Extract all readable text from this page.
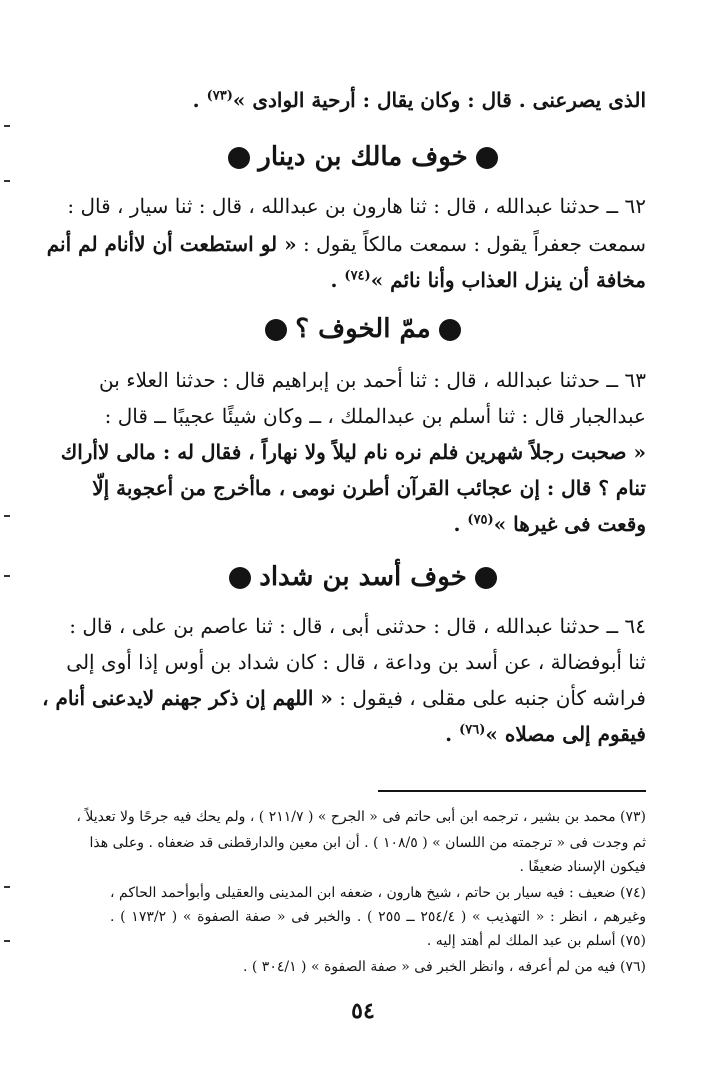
الذى يصرعنى . قال : وكان يقال : أرحية الوادى »$^{(٧٣)}$ .
خوف مالك بن دينار
٦٢ ــ حدثنا عبدالله ، قال : ثنا هارون بن عبدالله ، قال : ثنا سيار ، قال :
سمعت جعفراً يقول : سمعت مالكاً يقول : « لو استطعت أن لاأنام لم أنم
مخافة أن ينزل العذاب وأنا نائم »$^{(٧٤)}$ .
ممّ الخوف ؟
٦٣ ــ حدثنا عبدالله ، قال : ثنا أحمد بن إبراهيم قال : حدثنا العلاء بن
عبدالجبار قال : ثنا أسلم بن عبدالملك ، ــ وكان شيئًا عجيبًا ــ قال :
« صحبت رجلاً شهرين فلم نره نام ليلاً ولا نهاراً ، فقال له : مالى لاأراك
تنام ؟ قال : إن عجائب القرآن أطرن نومى ، ماأخرج من أعجوبة إلّا
وقعت فى غيرها »$^{(٧٥)}$ .
خوف أسد بن شداد
٦٤ ــ حدثنا عبدالله ، قال : حدثنى أبى ، قال : ثنا عاصم بن على ، قال :
ثنا أبوفضالة ، عن أسد بن وداعة ، قال : كان شداد بن أوس إذا أوى إلى
فراشه كأن جنبه على مقلى ، فيقول : « اللهم إن ذكر جهنم لايدعنى أنام ،
فيقوم إلى مصلاه »$^{(٧٦)}$ .
(٧٣) محمد بن بشير ، ترجمه ابن أبى حاتم فى « الجرح » ( ٢١١/٧ ) ، ولم يحك فيه جرحًا ولا تعديلاً ،
ثم وجدت فى « ترجمته من اللسان » ( ١٠٨/٥ ) . أن ابن معين والدارقطنى قد ضعفاه . وعلى هذا
فيكون الإسناد ضعيفًا .
(٧٤) ضعيف : فيه سيار بن حاتم ، شيخ هارون ، ضعفه ابن المدينى والعقيلى وأبوأحمد الحاكم ،
وغيرهم ، انظر : « التهذيب » ( ٢٥٤/٤ ــ ٢٥٥ ) . والخبر فى « صفة الصفوة » ( ١٧٣/٢ ) .
(٧٥) أسلم بن عبد الملك لم أهتد إليه .
(٧٦) فيه من لم أعرفه ، وانظر الخبر فى « صفة الصفوة » ( ٣٠٤/١ ) .
٥٤
